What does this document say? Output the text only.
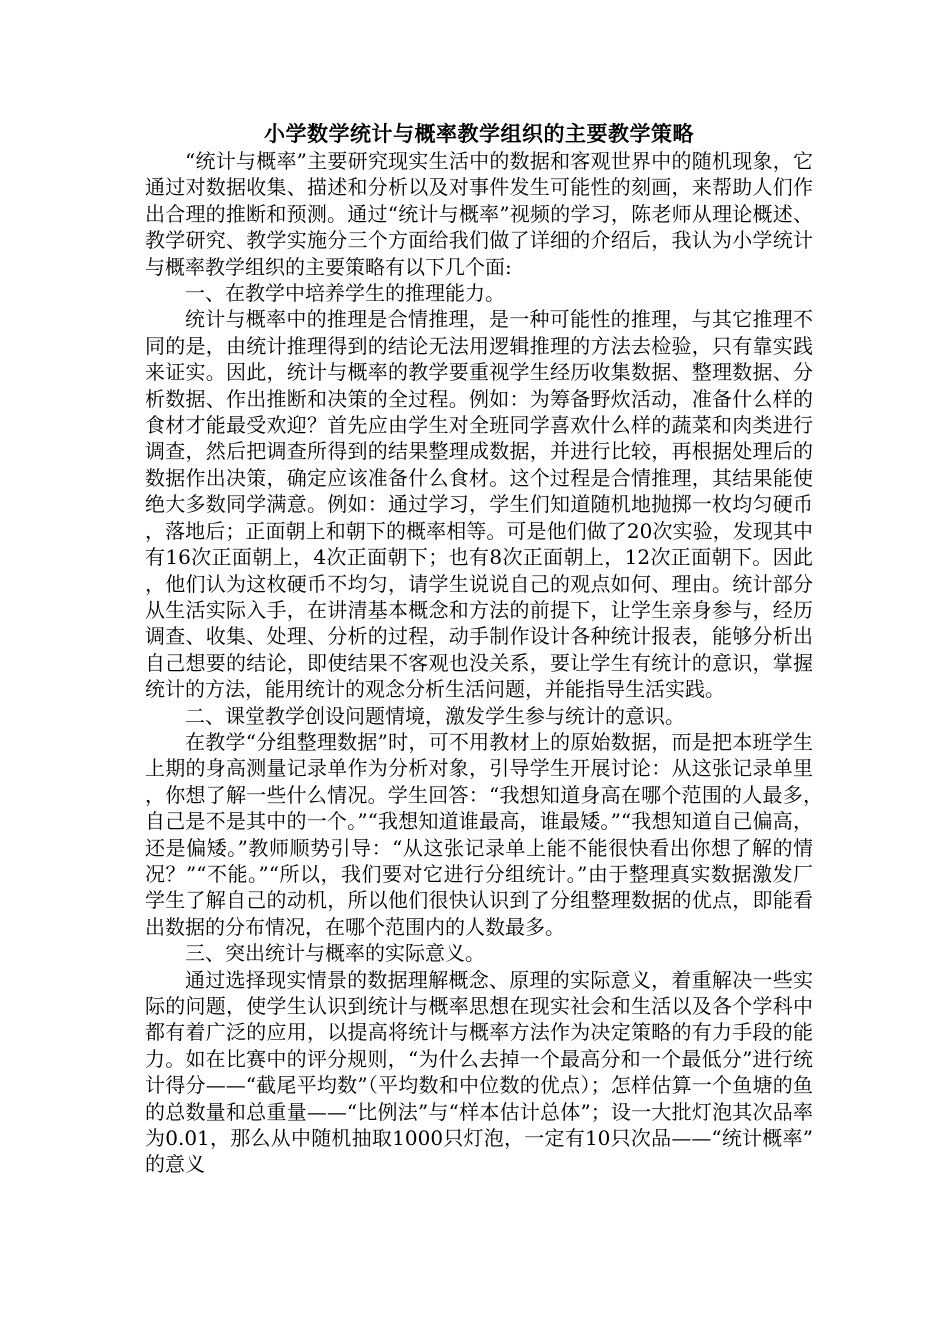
小学数学统计与概率教学组织的主要教学策略

“统计与概率”主要研究现实生活中的数据和客观世界中的随机现象，它通过对数据收集、描述和分析以及对事件发生可能性的刻画，来帮助人们作出合理的推断和预测。通过“统计与概率”视频的学习，陈老师从理论概述、教学研究、教学实施分三个方面给我们做了详细的介绍后，我认为小学统计与概率教学组织的主要策略有以下几个面:

一、在教学中培养学生的推理能力。

统计与概率中的推理是合情推理，是一种可能性的推理，与其它推理不同的是，由统计推理得到的结论无法用逻辑推理的方法去检验，只有靠实践来证实。因此，统计与概率的教学要重视学生经历收集数据、整理数据、分析数据、作出推断和决策的全过程。例如：为筹备野炊活动，准备什么样的食材才能最受欢迎？首先应由学生对全班同学喜欢什么样的蔬菜和肉类进行调查，然后把调查所得到的结果整理成数据，并进行比较，再根据处理后的数据作出决策，确定应该准备什么食材。这个过程是合情推理，其结果能使绝大多数同学满意。例如：通过学习，学生们知道随机地抛掷一枚均匀硬币，落地后；正面朝上和朝下的概率相等。可是他们做了20次实验，发现其中有16次正面朝上，4次正面朝下；也有8次正面朝上，12次正面朝下。因此，他们认为这枚硬币不均匀，请学生说说自己的观点如何、理由。统计部分从生活实际入手，在讲清基本概念和方法的前提下，让学生亲身参与，经历调查、收集、处理、分析的过程，动手制作设计各种统计报表，能够分析出自己想要的结论，即使结果不客观也没关系，要让学生有统计的意识，掌握统计的方法，能用统计的观念分析生活问题，并能指导生活实践。

二、课堂教学创设问题情境，激发学生参与统计的意识。

在教学“分组整理数据”时，可不用教材上的原始数据，而是把本班学生上期的身高测量记录单作为分析对象，引导学生开展讨论：从这张记录单里，你想了解一些什么情况。学生回答：“我想知道身高在哪个范围的人最多，　自己是不是其中的一个。”“我想知道谁最高，谁最矮。”“我想知道自己偏高，还是偏矮。”教师顺势引导：“从这张记录单上能不能很快看出你想了解的情况？”“不能。”“所以，我们要对它进行分组统计。”由于整理真实数据激发厂学生了解自己的动机，所以他们很快认识到了分组整理数据的优点，即能看出数据的分布情况，在哪个范围内的人数最多。

三、突出统计与概率的实际意义。

通过选择现实情景的数据理解概念、原理的实际意义，着重解决一些实际的问题，使学生认识到统计与概率思想在现实社会和生活以及各个学科中都有着广泛的应用，以提高将统计与概率方法作为决定策略的有力手段的能力。如在比赛中的评分规则，“为什么去掉一个最高分和一个最低分”进行统计得分——“截尾平均数”（平均数和中位数的优点）；怎样估算一个鱼塘的鱼的总数量和总重量——“比例法”与“样本估计总体”；设一大批灯泡其次品率为0.01，那么从中随机抽取1000只灯泡，一定有10只次品——“统计概率”的意义
